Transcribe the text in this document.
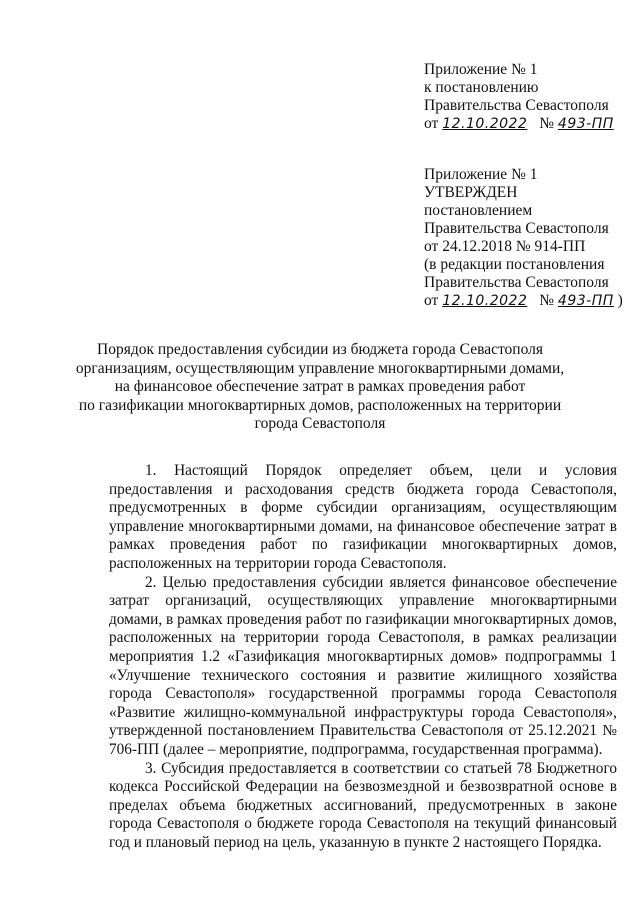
Приложение № 1
к постановлению
Правительства Севастополя
от 12.10.2022 № 493-ПП
Приложение № 1
УТВЕРЖДЕН
постановлением
Правительства Севастополя
от 24.12.2018 № 914-ПП
(в редакции постановления
Правительства Севастополя
от 12.10.2022 № 493-ПП )
Порядок предоставления субсидии из бюджета города Севастополя
организациям, осуществляющим управление многоквартирными домами,
на финансовое обеспечение затрат в рамках проведения работ
по газификации многоквартирных домов, расположенных на территории
города Севастополя

1. Настоящий Порядок определяет объем, цели и условия предоставления и расходования средств бюджета города Севастополя, предусмотренных в форме субсидии организациям, осуществляющим управление многоквартирными домами, на финансовое обеспечение затрат в рамках проведения работ по газификации многоквартирных домов, расположенных на территории города Севастополя.

2. Целью предоставления субсидии является финансовое обеспечение затрат организаций, осуществляющих управление многоквартирными домами, в рамках проведения работ по газификации многоквартирных домов, расположенных на территории города Севастополя, в рамках реализации мероприятия 1.2 «Газификация многоквартирных домов» подпрограммы 1 «Улучшение технического состояния и развитие жилищного хозяйства города Севастополя» государственной программы города Севастополя «Развитие жилищно-коммунальной инфраструктуры города Севастополя», утвержденной постановлением Правительства Севастополя от 25.12.2021 № 706-ПП (далее – мероприятие, подпрограмма, государственная программа).

3. Субсидия предоставляется в соответствии со статьей 78 Бюджетного кодекса Российской Федерации на безвозмездной и безвозвратной основе в пределах объема бюджетных ассигнований, предусмотренных в законе города Севастополя о бюджете города Севастополя на текущий финансовый год и плановый период на цель, указанную в пункте 2 настоящего Порядка.
